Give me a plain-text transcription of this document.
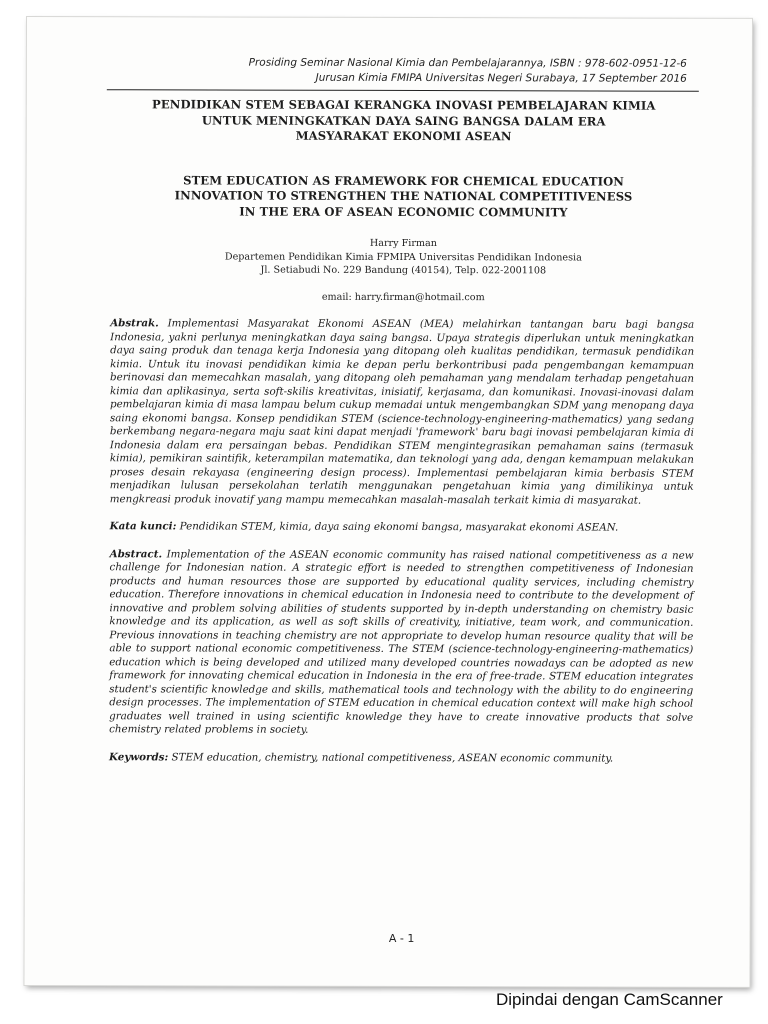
Prosiding Seminar Nasional Kimia dan Pembelajarannya, ISBN : 978-602-0951-12-6
Jurusan Kimia FMIPA Universitas Negeri Surabaya, 17 September 2016
PENDIDIKAN STEM SEBAGAI KERANGKA INOVASI PEMBELAJARAN KIMIA
UNTUK MENINGKATKAN DAYA SAING BANGSA DALAM ERA
MASYARAKAT EKONOMI ASEAN
STEM EDUCATION AS FRAMEWORK FOR CHEMICAL EDUCATION
INNOVATION TO STRENGTHEN THE NATIONAL COMPETITIVENESS
IN THE ERA OF ASEAN ECONOMIC COMMUNITY
Harry Firman
Departemen Pendidikan Kimia FPMIPA Universitas Pendidikan Indonesia
Jl. Setiabudi No. 229 Bandung (40154), Telp. 022-2001108
email: harry.firman@hotmail.com
Abstrak. Implementasi Masyarakat Ekonomi ASEAN (MEA) melahirkan tantangan baru bagi bangsa Indonesia, yakni perlunya meningkatkan daya saing bangsa. Upaya strategis diperlukan untuk meningkatkan daya saing produk dan tenaga kerja Indonesia yang ditopang oleh kualitas pendidikan, termasuk pendidikan kimia. Untuk itu inovasi pendidikan kimia ke depan perlu berkontribusi pada pengembangan kemampuan berinovasi dan memecahkan masalah, yang ditopang oleh pemahaman yang mendalam terhadap pengetahuan kimia dan aplikasinya, serta soft-skilis kreativitas, inisiatif, kerjasama, dan komunikasi. Inovasi-inovasi dalam pembelajaran kimia di masa lampau belum cukup memadai untuk mengembangkan SDM yang menopang daya saing ekonomi bangsa. Konsep pendidikan STEM (science-technology-engineering-mathematics) yang sedang berkembang negara-negara maju saat kini dapat menjadi 'framework' baru bagi inovasi pembelajaran kimia di Indonesia dalam era persaingan bebas. Pendidikan STEM mengintegrasikan pemahaman sains (termasuk kimia), pemikiran saintifik, keterampilan matematika, dan teknologi yang ada, dengan kemampuan melakukan proses desain rekayasa (engineering design process). Implementasi pembelajaran kimia berbasis STEM menjadikan lulusan persekolahan terlatih menggunakan pengetahuan kimia yang dimilikinya untuk mengkreasi produk inovatif yang mampu memecahkan masalah-masalah terkait kimia di masyarakat.
Kata kunci: Pendidikan STEM, kimia, daya saing ekonomi bangsa, masyarakat ekonomi ASEAN.
Abstract. Implementation of the ASEAN economic community has raised national competitiveness as a new challenge for Indonesian nation. A strategic effort is needed to strengthen competitiveness of Indonesian products and human resources those are supported by educational quality services, including chemistry education. Therefore innovations in chemical education in Indonesia need to contribute to the development of innovative and problem solving abilities of students supported by in-depth understanding on chemistry basic knowledge and its application, as well as soft skills of creativity, initiative, team work, and communication. Previous innovations in teaching chemistry are not appropriate to develop human resource quality that will be able to support national economic competitiveness. The STEM (science-technology-engineering-mathematics) education which is being developed and utilized many developed countries nowadays can be adopted as new framework for innovating chemical education in Indonesia in the era of free-trade. STEM education integrates student's scientific knowledge and skills, mathematical tools and technology with the ability to do engineering design processes. The implementation of STEM education in chemical education context will make high school graduates well trained in using scientific knowledge they have to create innovative products that solve chemistry related problems in society.
Keywords: STEM education, chemistry, national competitiveness, ASEAN economic community.
A - 1
Dipindai dengan CamScanner
